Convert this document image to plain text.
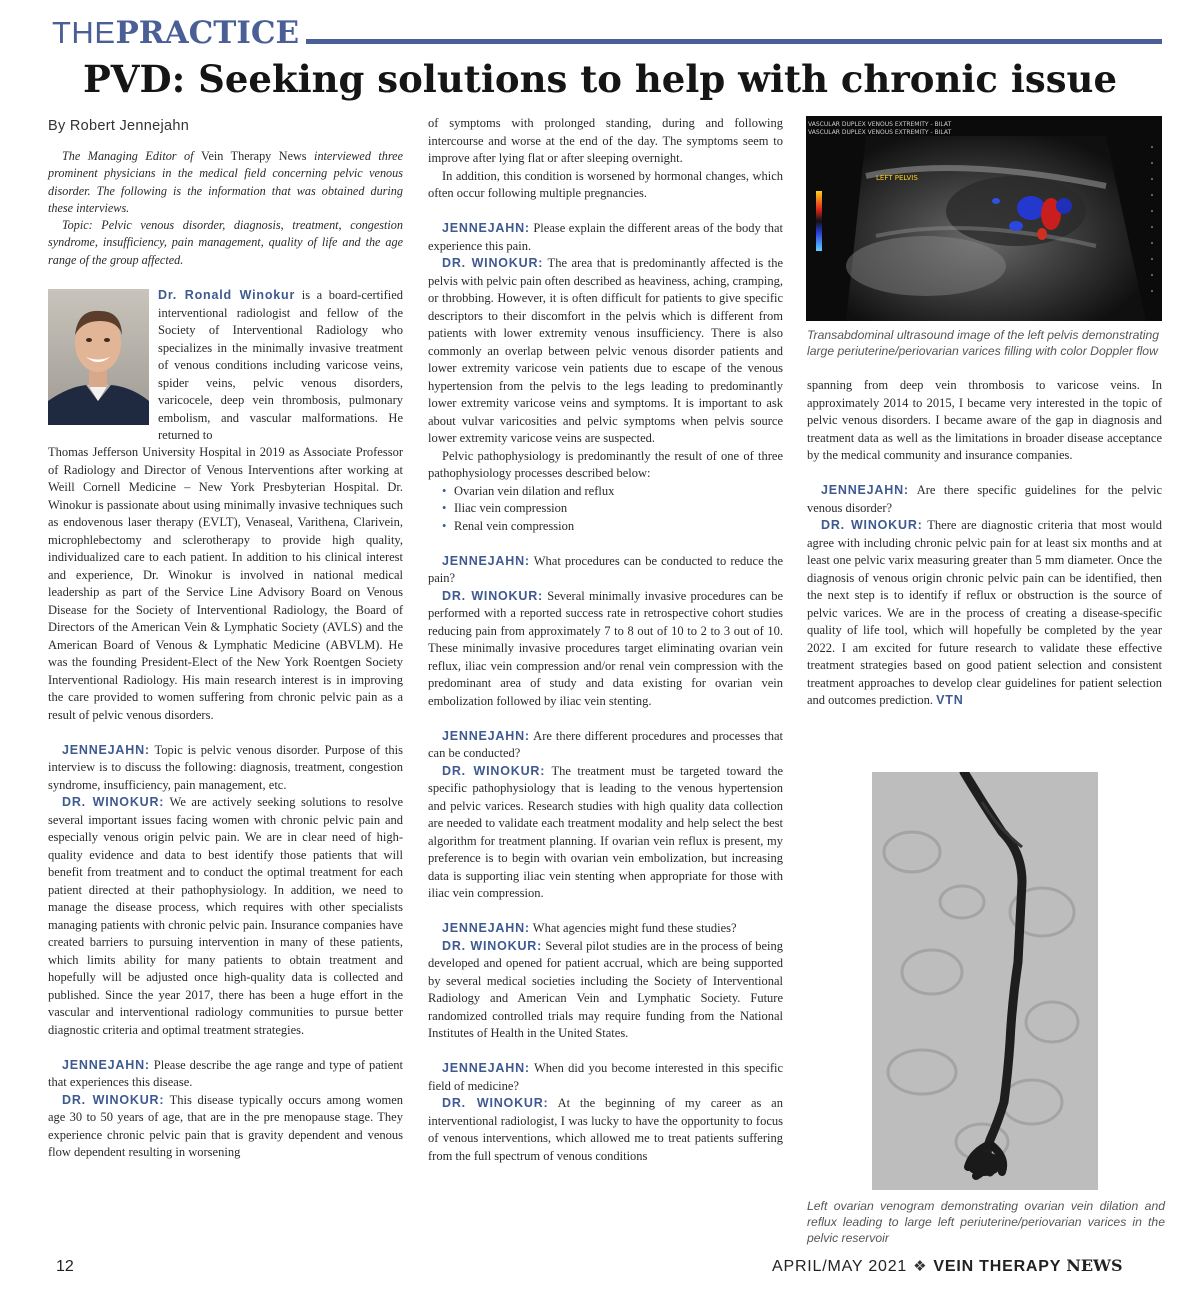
THEPRACTICE
PVD: Seeking solutions to help with chronic issue
By Robert Jennejahn

The Managing Editor of Vein Therapy News interviewed three prominent physicians in the medical field concerning pelvic venous disorder. The following is the information that was obtained during these interviews.

Topic: Pelvic venous disorder, diagnosis, treatment, congestion syndrome, insufficiency, pain management, quality of life and the age range of the group affected.

Dr. Ronald Winokur is a board-certified interventional radiologist and fellow of the Society of Interventional Radiology who specializes in the minimally invasive treatment of venous conditions including varicose veins, spider veins, pelvic venous disorders, varicocele, deep vein thrombosis, pulmonary embolism, and vascular malformations. He returned to

Thomas Jefferson University Hospital in 2019 as Associate Professor of Radiology and Director of Venous Interventions after working at Weill Cornell Medicine – New York Presbyterian Hospital. Dr. Winokur is passionate about using minimally invasive techniques such as endovenous laser therapy (EVLT), Venaseal, Varithena, Clarivein, microphlebectomy and sclerotherapy to provide high quality, individualized care to each patient. In addition to his clinical interest and experience, Dr. Winokur is involved in national medical leadership as part of the Service Line Advisory Board on Venous Disease for the Society of Interventional Radiology, the Board of Directors of the American Vein & Lymphatic Society (AVLS) and the American Board of Venous & Lymphatic Medicine (ABVLM). He was the founding President-Elect of the New York Roentgen Society Interventional Radiology. His main research interest is in improving the care provided to women suffering from chronic pelvic pain as a result of pelvic venous disorders.

JENNEJAHN: Topic is pelvic venous disorder. Purpose of this interview is to discuss the following: diagnosis, treatment, congestion syndrome, insufficiency, pain management, etc.

DR. WINOKUR: We are actively seeking solutions to resolve several important issues facing women with chronic pelvic pain and especially venous origin pelvic pain. We are in clear need of high-quality evidence and data to best identify those patients that will benefit from treatment and to conduct the optimal treatment for each patient directed at their pathophysiology. In addition, we need to manage the disease process, which requires with other specialists managing patients with chronic pelvic pain. Insurance companies have created barriers to pursuing intervention in many of these patients, which limits ability for many patients to obtain treatment and hopefully will be adjusted once high-quality data is collected and published. Since the year 2017, there has been a huge effort in the vascular and interventional radiology communities to pursue better diagnostic criteria and optimal treatment strategies.

JENNEJAHN: Please describe the age range and type of patient that experiences this disease.

DR. WINOKUR: This disease typically occurs among women age 30 to 50 years of age, that are in the pre menopause stage. They experience chronic pelvic pain that is gravity dependent and venous flow dependent resulting in worsening

of symptoms with prolonged standing, during and following intercourse and worse at the end of the day. The symptoms seem to improve after lying flat or after sleeping overnight.

In addition, this condition is worsened by hormonal changes, which often occur following multiple pregnancies.

JENNEJAHN: Please explain the different areas of the body that experience this pain.

DR. WINOKUR: The area that is predominantly affected is the pelvis with pelvic pain often described as heaviness, aching, cramping, or throbbing. However, it is often difficult for patients to give specific descriptors to their discomfort in the pelvis which is different from patients with lower extremity venous insufficiency. There is also commonly an overlap between pelvic venous disorder patients and lower extremity varicose vein patients due to escape of the venous hypertension from the pelvis to the legs leading to predominantly lower extremity varicose veins and symptoms. It is important to ask about vulvar varicosities and pelvic symptoms when pelvis source lower extremity varicose veins are suspected.

Pelvic pathophysiology is predominantly the result of one of three pathophysiology processes described below:

• Ovarian vein dilation and reflux
• Iliac vein compression
• Renal vein compression

JENNEJAHN: What procedures can be conducted to reduce the pain?

DR. WINOKUR: Several minimally invasive procedures can be performed with a reported success rate in retrospective cohort studies reducing pain from approximately 7 to 8 out of 10 to 2 to 3 out of 10. These minimally invasive procedures target eliminating ovarian vein reflux, iliac vein compression and/or renal vein compression with the predominant area of study and data existing for ovarian vein embolization followed by iliac vein stenting.

JENNEJAHN: Are there different procedures and processes that can be conducted?

DR. WINOKUR: The treatment must be targeted toward the specific pathophysiology that is leading to the venous hypertension and pelvic varices. Research studies with high quality data collection are needed to validate each treatment modality and help select the best algorithm for treatment planning. If ovarian vein reflux is present, my preference is to begin with ovarian vein embolization, but increasing data is supporting iliac vein stenting when appropriate for those with iliac vein compression.

JENNEJAHN: What agencies might fund these studies?

DR. WINOKUR: Several pilot studies are in the process of being developed and opened for patient accrual, which are being supported by several medical societies including the Society of Interventional Radiology and American Vein and Lymphatic Society. Future randomized controlled trials may require funding from the National Institutes of Health in the United States.

JENNEJAHN: When did you become interested in this specific field of medicine?

DR. WINOKUR: At the beginning of my career as an interventional radiologist, I was lucky to have the opportunity to focus of venous interventions, which allowed me to treat patients suffering from the full spectrum of venous conditions

VASCULAR DUPLEX VENOUS EXTREMITY - BILAT
VASCULAR DUPLEX VENOUS EXTREMITY - BILAT
LEFT PELVIS
Transabdominal ultrasound image of the left pelvis demonstrating large periuterine/periovarian varices filling with color Doppler flow

spanning from deep vein thrombosis to varicose veins. In approximately 2014 to 2015, I became very interested in the topic of pelvic venous disorders. I became aware of the gap in diagnosis and treatment data as well as the limitations in broader disease acceptance by the medical community and insurance companies.

JENNEJAHN: Are there specific guidelines for the pelvic venous disorder?

DR. WINOKUR: There are diagnostic criteria that most would agree with including chronic pelvic pain for at least six months and at least one pelvic varix measuring greater than 5 mm diameter. Once the diagnosis of venous origin chronic pelvic pain can be identified, then the next step is to identify if reflux or obstruction is the source of pelvic varices. We are in the process of creating a disease-specific quality of life tool, which will hopefully be completed by the year 2022. I am excited for future research to validate these effective treatment strategies based on good patient selection and consistent treatment approaches to develop clear guidelines for patient selection and outcomes prediction. VTN

Left ovarian venogram demonstrating ovarian vein dilation and reflux leading to large left periuterine/periovarian varices in the pelvic reservoir
12	APRIL/MAY 2021 ❖ VEIN THERAPY NEWS
